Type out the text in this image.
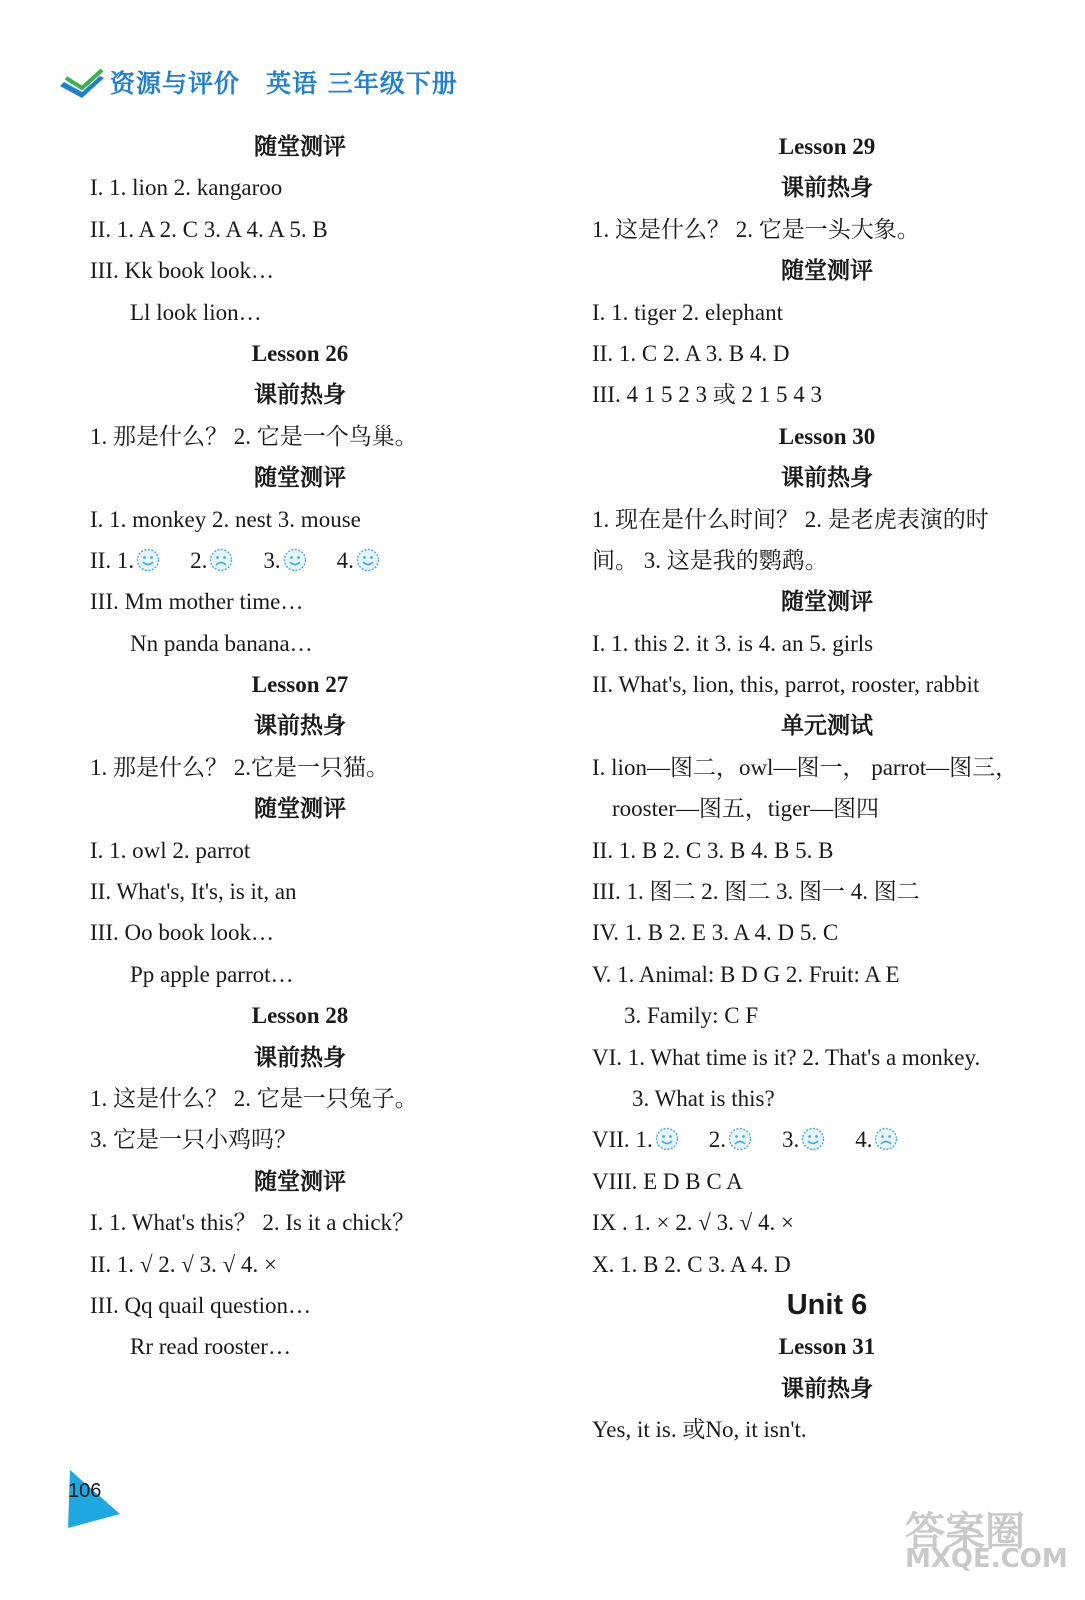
资源与评价 英语 三年级下册
随堂测评
I. 1. lion 2. kangaroo
II. 1. A 2. C 3. A 4. A 5. B
III. Kk book look…
Ll look lion…
Lesson 26
课前热身
1. 那是什么？ 2. 它是一个鸟巢。
随堂测评
I. 1. monkey 2. nest 3. mouse
II. 1. 2. 3. 4.
III. Mm mother time…
Nn panda banana…
Lesson 27
课前热身
1. 那是什么？ 2.它是一只猫。
随堂测评
I. 1. owl 2. parrot
II. What's, It's, is it, an
III. Oo book look…
Pp apple parrot…
Lesson 28
课前热身
1. 这是什么？ 2. 它是一只兔子。
3. 它是一只小鸡吗？
随堂测评
I. 1. What's this？ 2. Is it a chick？
II. 1. √ 2. √ 3. √ 4. ×
III. Qq quail question…
Rr read rooster…
Lesson 29
课前热身
1. 这是什么？ 2. 它是一头大象。
随堂测评
I. 1. tiger 2. elephant
II. 1. C 2. A 3. B 4. D
III. 4 1 5 2 3 或 2 1 5 4 3
Lesson 30
课前热身
1. 现在是什么时间？ 2. 是老虎表演的时
间。 3. 这是我的鹦鹉。
随堂测评
I. 1. this 2. it 3. is 4. an 5. girls
II. What's, lion, this, parrot, rooster, rabbit
单元测试
I. lion—图二，owl—图一， parrot—图三，
rooster—图五，tiger—图四
II. 1. B 2. C 3. B 4. B 5. B
III. 1. 图二 2. 图二 3. 图一 4. 图二
IV. 1. B 2. E 3. A 4. D 5. C
V. 1. Animal: B D G 2. Fruit: A E
3. Family: C F
VI. 1. What time is it? 2. That's a monkey.
3. What is this?
VII. 1. 2. 3. 4.
VIII. E D B C A
IX . 1. × 2. √ 3. √ 4. ×
X. 1. B 2. C 3. A 4. D
Unit 6
Lesson 31
课前热身
Yes, it is. 或No, it isn't.
106
答案圈
MXQE.COM
